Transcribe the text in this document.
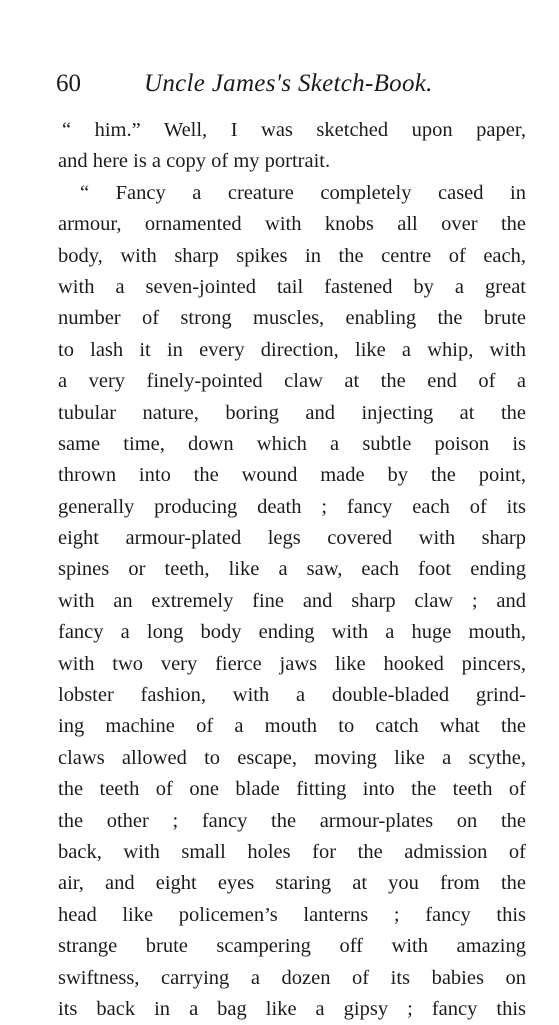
60	Uncle James's Sketch-Book.
“ him.” Well, I was sketched upon paper,
and here is a copy of my portrait.
“ Fancy a creature completely cased in
armour, ornamented with knobs all over the
body, with sharp spikes in the centre of each,
with a seven-jointed tail fastened by a great
number of strong muscles, enabling the brute
to lash it in every direction, like a whip, with
a very finely-pointed claw at the end of a
tubular nature, boring and injecting at the
same time, down which a subtle poison is
thrown into the wound made by the point,
generally producing death ; fancy each of its
eight armour-plated legs covered with sharp
spines or teeth, like a saw, each foot ending
with an extremely fine and sharp claw ; and
fancy a long body ending with a huge mouth,
with two very fierce jaws like hooked pincers,
lobster fashion, with a double-bladed grind-
ing machine of a mouth to catch what the
claws allowed to escape, moving like a scythe,
the teeth of one blade fitting into the teeth of
the other ; fancy the armour-plates on the
back, with small holes for the admission of
air, and eight eyes staring at you from the
head like policemen’s lanterns ; fancy this
strange brute scampering off with amazing
swiftness, carrying a dozen of its babies on
its back in a bag like a gipsy ; fancy this
